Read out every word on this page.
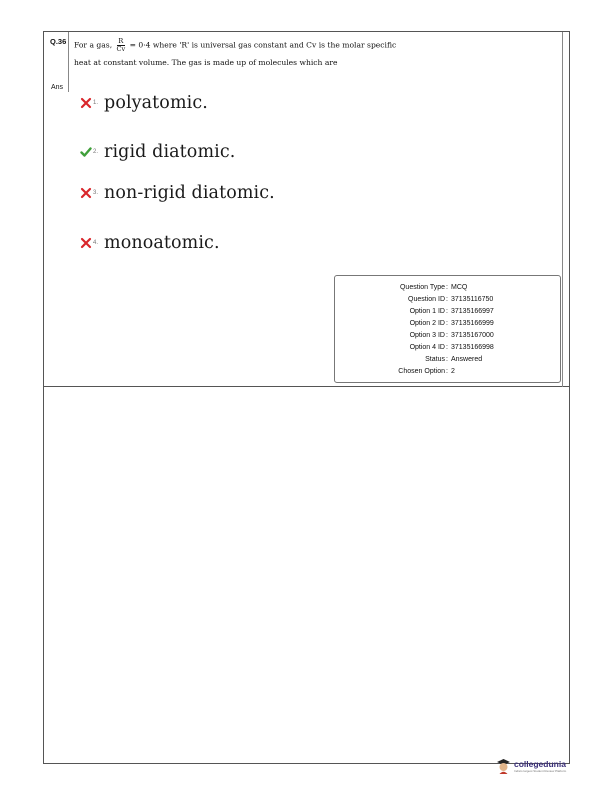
Q.36 For a gas, $\frac{R}{Cv} = 0\cdot 4$ where 'R' is universal gas constant and Cv is the molar specific
heat at constant volume. The gas is made up of molecules which are
Ans
1. polyatomic.
2. rigid diatomic.
3. non-rigid diatomic.
4. monoatomic.
Question Type : MCQ
Question ID : 37135116750
Option 1 ID : 37135166997
Option 2 ID : 37135166999
Option 3 ID : 37135167000
Option 4 ID : 37135166998
Status : Answered
Chosen Option : 2
collegedunia
India's largest Student Review Platform
